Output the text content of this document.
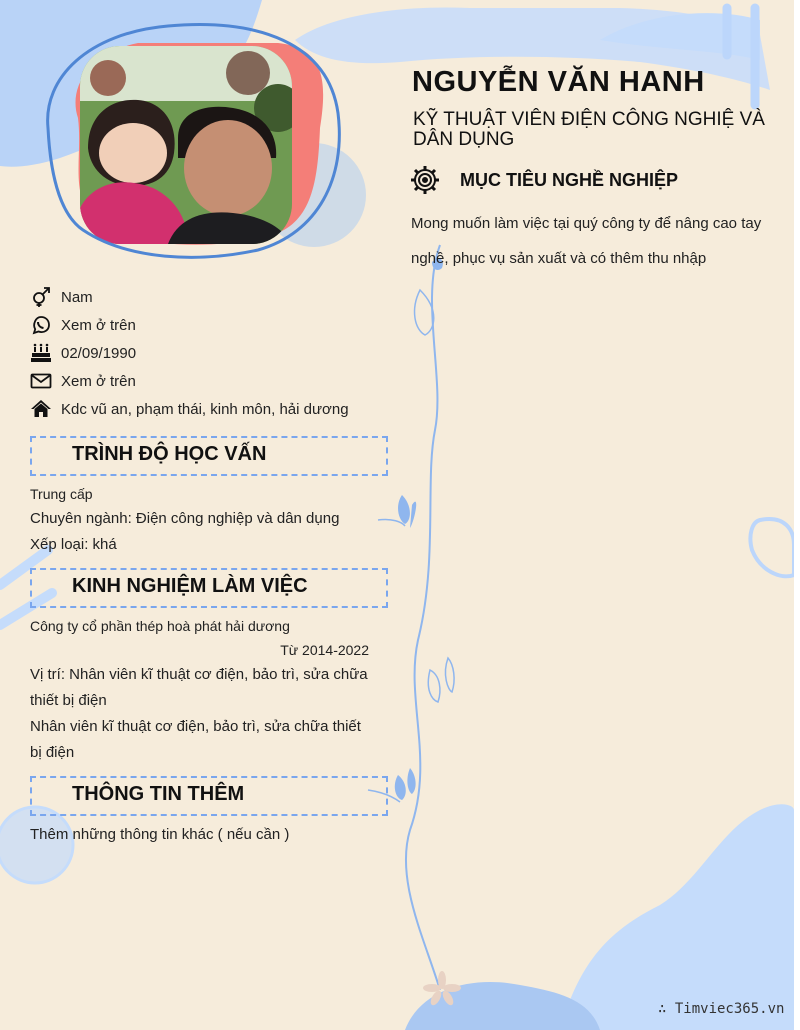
NGUYỄN VĂN HANH
KỸ THUẬT VIÊN ĐIỆN CÔNG NGHIỆ VÀ DÂN DỤNG
MỤC TIÊU NGHỀ NGHIỆP
Mong muốn làm việc tại quý công ty để nâng cao tay nghề, phục vụ sản xuất và có thêm thu nhập
Nam
Xem ở trên
02/09/1990
Xem ở trên
Kdc vũ an, phạm thái, kinh môn, hải dương
TRÌNH ĐỘ HỌC VẤN
Trung cấp
Chuyên ngành: Điện công nghiệp và dân dụng
Xếp loại: khá
KINH NGHIỆM LÀM VIỆC
Công ty cổ phần thép hoà phát hải dương
Từ 2014-2022
Vị trí: Nhân viên kĩ thuật cơ điện, bảo trì, sửa chữa thiết bị điện
Nhân viên kĩ thuật cơ điện, bảo trì, sửa chữa thiết bị điện
THÔNG TIN THÊM
Thêm những thông tin khác ( nếu cần )
∴ Timviec365.vn
